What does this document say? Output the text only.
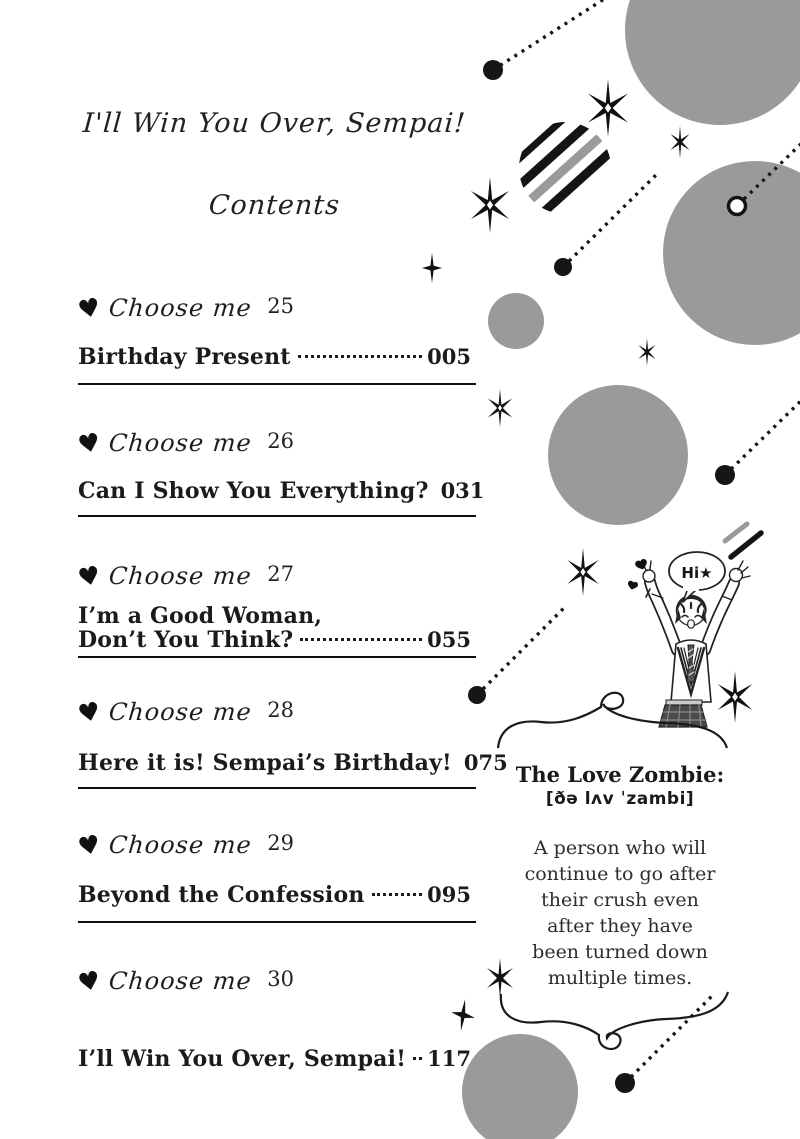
Hi★
I'll Win You Over, Sempai!
Contents
♥ Choose me 25
Birthday Present	005
♥ Choose me 26
Can I Show You Everything? 031
♥ Choose me 27
I’m a Good Woman,
Don’t You Think?	055
♥ Choose me 28
Here it is! Sempai’s Birthday! 075
♥ Choose me 29
Beyond the Confession	095
♥ Choose me 30
I’ll Win You Over, Sempai! 117

The Love Zombie:

[ðə lʌv ˈzambi]

A person who will
continue to go after
their crush even
after they have
been turned down
multiple times.
